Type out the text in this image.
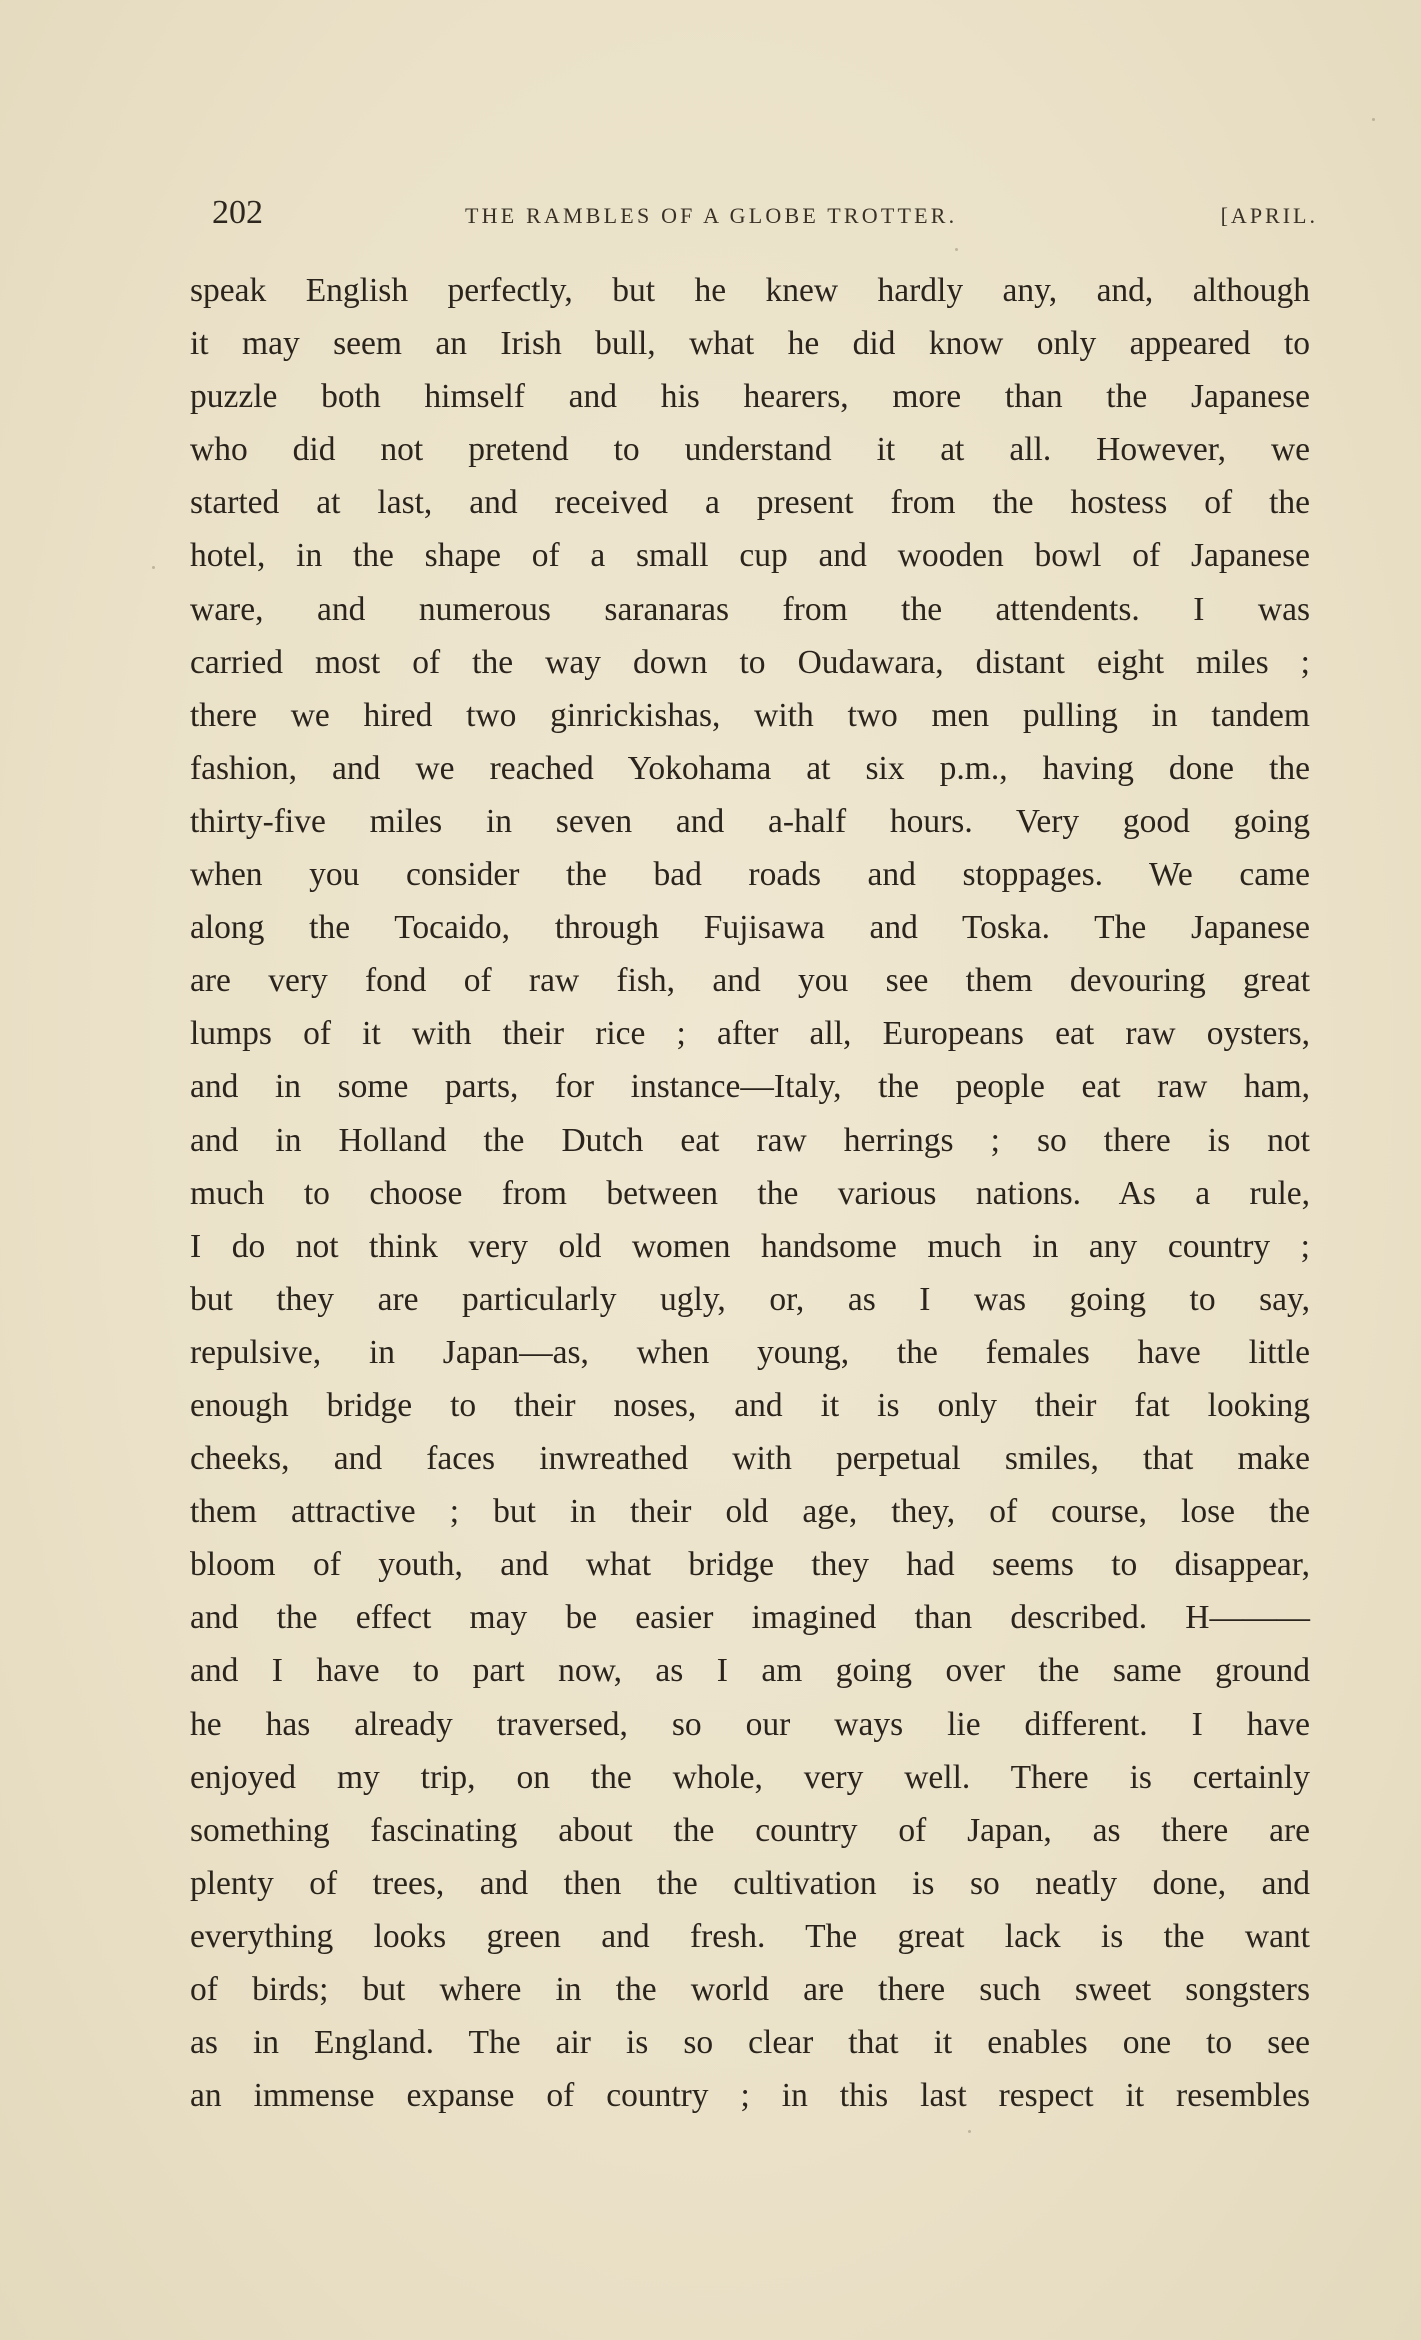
202	THE RAMBLES OF A GLOBE TROTTER.	[APRIL.
speak English perfectly, but he knew hardly any, and, although
it may seem an Irish bull, what he did know only appeared to
puzzle both himself and his hearers, more than the Japanese
who did not pretend to understand it at all. However, we
started at last, and received a present from the hostess of the
hotel, in the shape of a small cup and wooden bowl of Japanese
ware, and numerous saranaras from the attendents. I was
carried most of the way down to Oudawara, distant eight miles ;
there we hired two ginrickishas, with two men pulling in tandem
fashion, and we reached Yokohama at six p.m., having done the
thirty-five miles in seven and a-half hours. Very good going
when you consider the bad roads and stoppages. We came
along the Tocaido, through Fujisawa and Toska. The Japanese
are very fond of raw fish, and you see them devouring great
lumps of it with their rice ; after all, Europeans eat raw oysters,
and in some parts, for instance—Italy, the people eat raw ham,
and in Holland the Dutch eat raw herrings ; so there is not
much to choose from between the various nations. As a rule,
I do not think very old women handsome much in any country ;
but they are particularly ugly, or, as I was going to say,
repulsive, in Japan—as, when young, the females have little
enough bridge to their noses, and it is only their fat looking
cheeks, and faces inwreathed with perpetual smiles, that make
them attractive ; but in their old age, they, of course, lose the
bloom of youth, and what bridge they had seems to disappear,
and the effect may be easier imagined than described. H———
and I have to part now, as I am going over the same ground
he has already traversed, so our ways lie different. I have
enjoyed my trip, on the whole, very well. There is certainly
something fascinating about the country of Japan, as there are
plenty of trees, and then the cultivation is so neatly done, and
everything looks green and fresh. The great lack is the want
of birds; but where in the world are there such sweet songsters
as in England. The air is so clear that it enables one to see
an immense expanse of country ; in this last respect it resembles
